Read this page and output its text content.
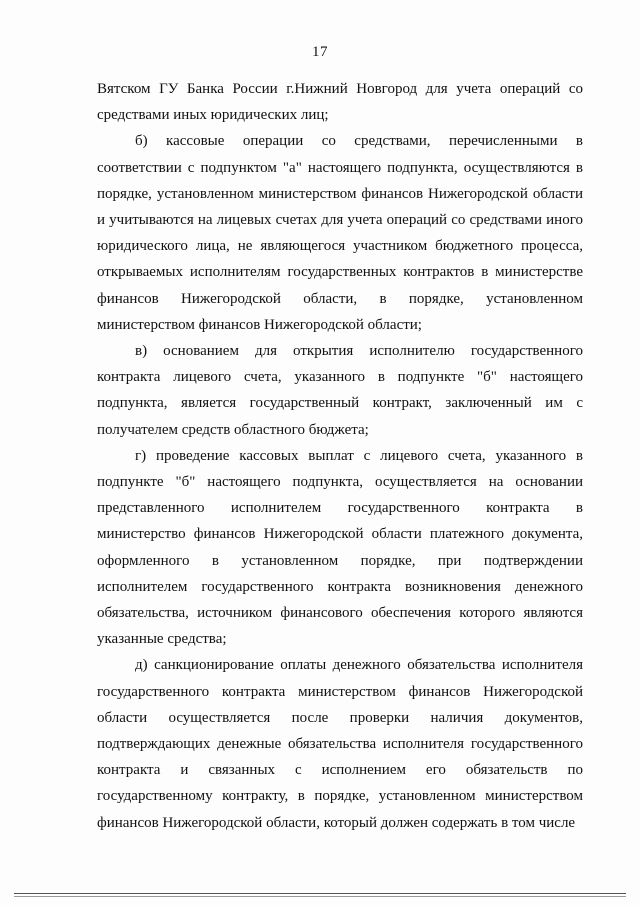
17

Вятском ГУ Банка России г.Нижний Новгород для учета операций со средствами иных юридических лиц;

б) кассовые операции со средствами, перечисленными в соответствии с подпунктом "а" настоящего подпункта, осуществляются в порядке, установленном министерством финансов Нижегородской области и учитываются на лицевых счетах для учета операций со средствами иного юридического лица, не являющегося участником бюджетного процесса, открываемых исполнителям государственных контрактов в министерстве финансов Нижегородской области, в порядке, установленном министерством финансов Нижегородской области;

в) основанием для открытия исполнителю государственного контракта лицевого счета, указанного в подпункте "б" настоящего подпункта, является государственный контракт, заключенный им с получателем средств областного бюджета;

г) проведение кассовых выплат с лицевого счета, указанного в подпункте "б" настоящего подпункта, осуществляется на основании представленного исполнителем государственного контракта в министерство финансов Нижегородской области платежного документа, оформленного в установленном порядке, при подтверждении исполнителем государственного контракта возникновения денежного обязательства, источником финансового обеспечения которого являются указанные средства;

д) санкционирование оплаты денежного обязательства исполнителя государственного контракта министерством финансов Нижегородской области осуществляется после проверки наличия документов, подтверждающих денежные обязательства исполнителя государственного контракта и связанных с исполнением его обязательств по государственному контракту, в порядке, установленном министерством финансов Нижегородской области, который должен содержать в том числе
